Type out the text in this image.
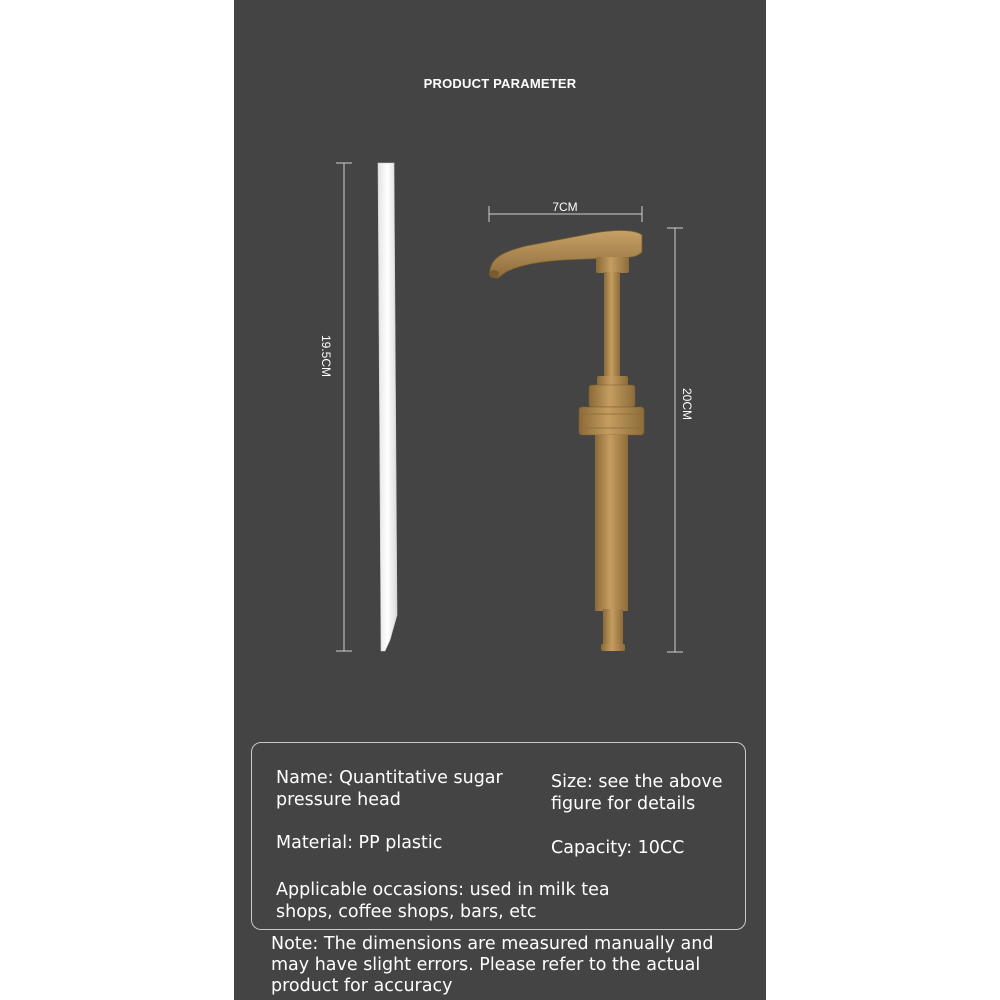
PRODUCT PARAMETER
19.5CM
7CM
20CM
Name: Quantitative sugar pressure head
Size: see the above figure for details
Material: PP plastic	Capacity: 10CC
Applicable occasions: used in milk tea shops, coffee shops, bars, etc
Note: The dimensions are measured manually and may have slight errors. Please refer to the actual product for accuracy
